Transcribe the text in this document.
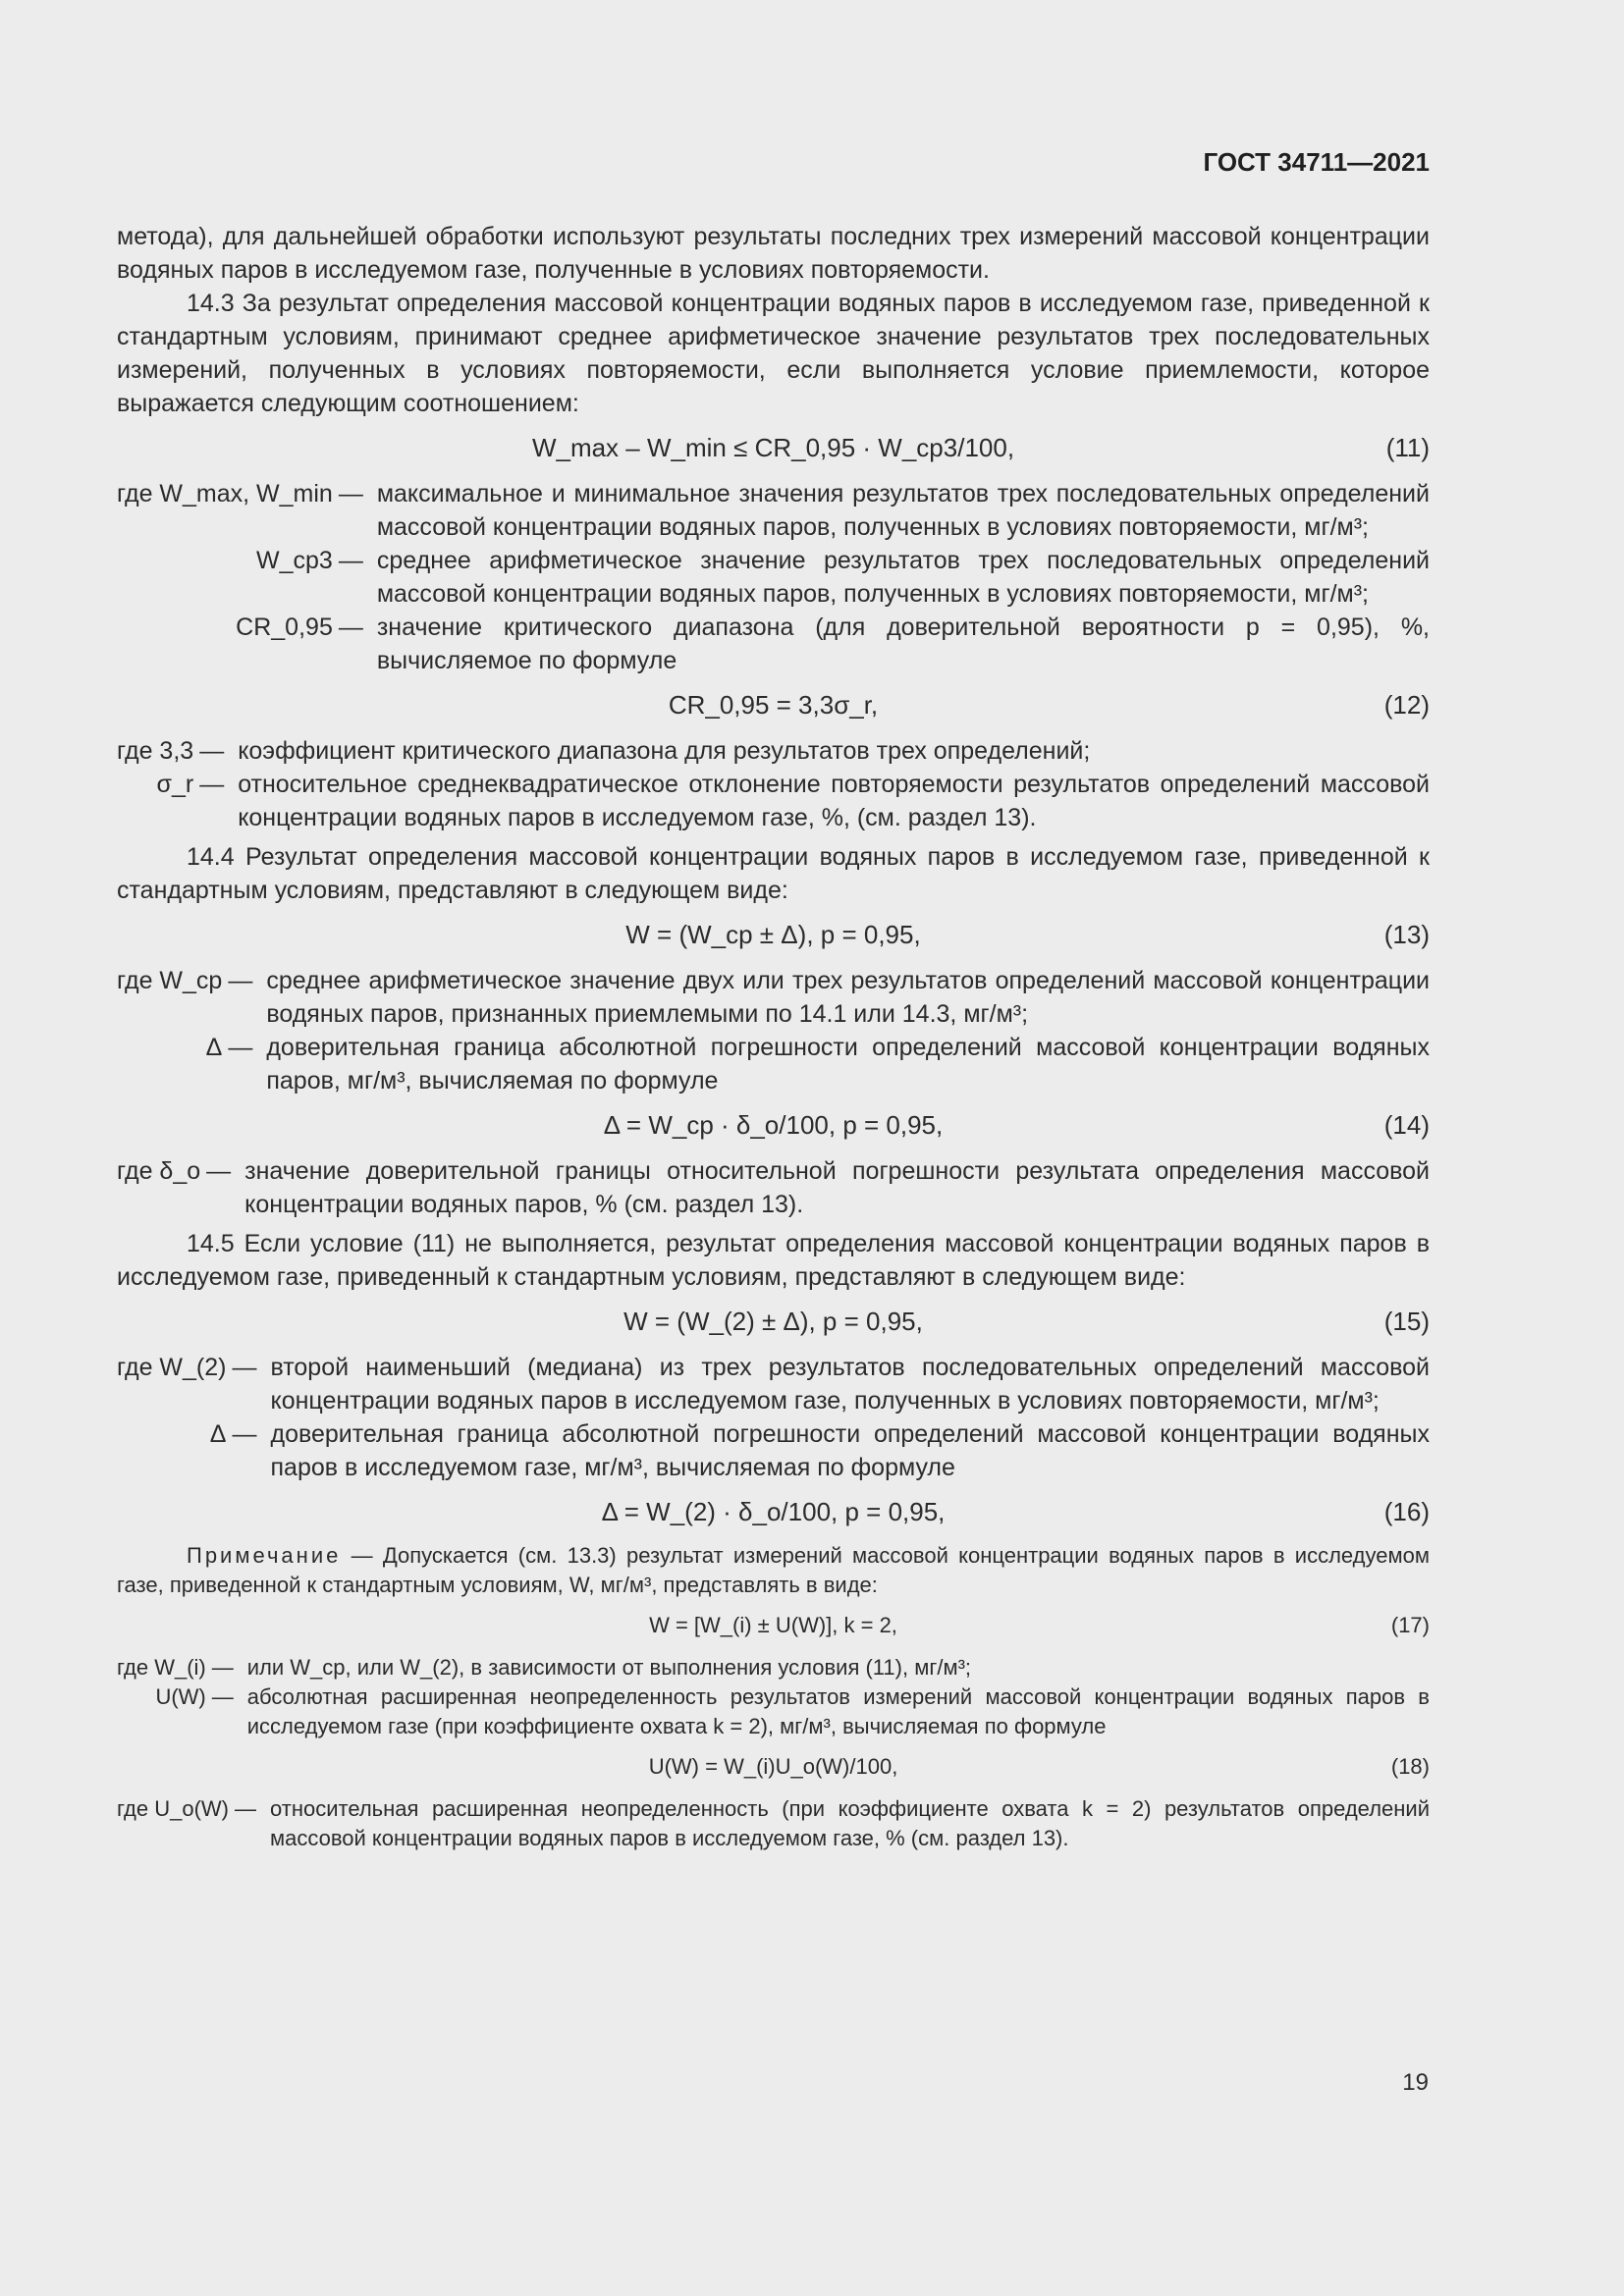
ГОСТ 34711—2021

метода), для дальнейшей обработки используют результаты последних трех измерений массовой концентрации водяных паров в исследуемом газе, полученные в условиях повторяемости.

14.3 За результат определения массовой концентрации водяных паров в исследуемом газе, приведенной к стандартным условиям, принимают среднее арифметическое значение результатов трех последовательных измерений, полученных в условиях повторяемости, если выполняется условие приемлемости, которое выражается следующим соотношением:

W_max – W_min ≤ CR_0,95 · W_ср3/100,	(11)
где W_max, W_min	—	максимальное и минимальное значения результатов трех последовательных определений массовой концентрации водяных паров, полученных в условиях повторяемости, мг/м³;
W_ср3	—	среднее арифметическое значение результатов трех последовательных определений массовой концентрации водяных паров, полученных в условиях повторяемости, мг/м³;
CR_0,95	—	значение критического диапазона (для доверительной вероятности p = 0,95), %, вычисляемое по формуле
CR_0,95 = 3,3σ_r,	(12)
где 3,3	—	коэффициент критического диапазона для результатов трех определений;
σ_r	—	относительное среднеквадратическое отклонение повторяемости результатов определений массовой концентрации водяных паров в исследуемом газе, %, (см. раздел 13).

14.4 Результат определения массовой концентрации водяных паров в исследуемом газе, приведенной к стандартным условиям, представляют в следующем виде:

W = (W_ср ± Δ), p = 0,95,	(13)
где W_ср	—	среднее арифметическое значение двух или трех результатов определений массовой концентрации водяных паров, признанных приемлемыми по 14.1 или 14.3, мг/м³;
Δ	—	доверительная граница абсолютной погрешности определений массовой концентрации водяных паров, мг/м³, вычисляемая по формуле
Δ = W_ср · δ_o/100, p = 0,95,	(14)
где δ_o	—	значение доверительной границы относительной погрешности результата определения массовой концентрации водяных паров, % (см. раздел 13).

14.5 Если условие (11) не выполняется, результат определения массовой концентрации водяных паров в исследуемом газе, приведенный к стандартным условиям, представляют в следующем виде:

W = (W_(2) ± Δ), p = 0,95,	(15)
где W_(2)	—	второй наименьший (медиана) из трех результатов последовательных определений массовой концентрации водяных паров в исследуемом газе, полученных в условиях повторяемости, мг/м³;
Δ	—	доверительная граница абсолютной погрешности определений массовой концентрации водяных паров в исследуемом газе, мг/м³, вычисляемая по формуле
Δ = W_(2) · δ_o/100, p = 0,95,	(16)

Примечание — Допускается (см. 13.3) результат измерений массовой концентрации водяных паров в исследуемом газе, приведенной к стандартным условиям, W, мг/м³, представлять в виде:

W = [W_(i) ± U(W)], k = 2,	(17)
где W_(i)	—	или W_ср, или W_(2), в зависимости от выполнения условия (11), мг/м³;
U(W)	—	абсолютная расширенная неопределенность результатов измерений массовой концентрации водяных паров в исследуемом газе (при коэффициенте охвата k = 2), мг/м³, вычисляемая по формуле
U(W) = W_(i)U_o(W)/100,	(18)
где U_o(W)	—	относительная расширенная неопределенность (при коэффициенте охвата k = 2) результатов определений массовой концентрации водяных паров в исследуемом газе, % (см. раздел 13).
19
